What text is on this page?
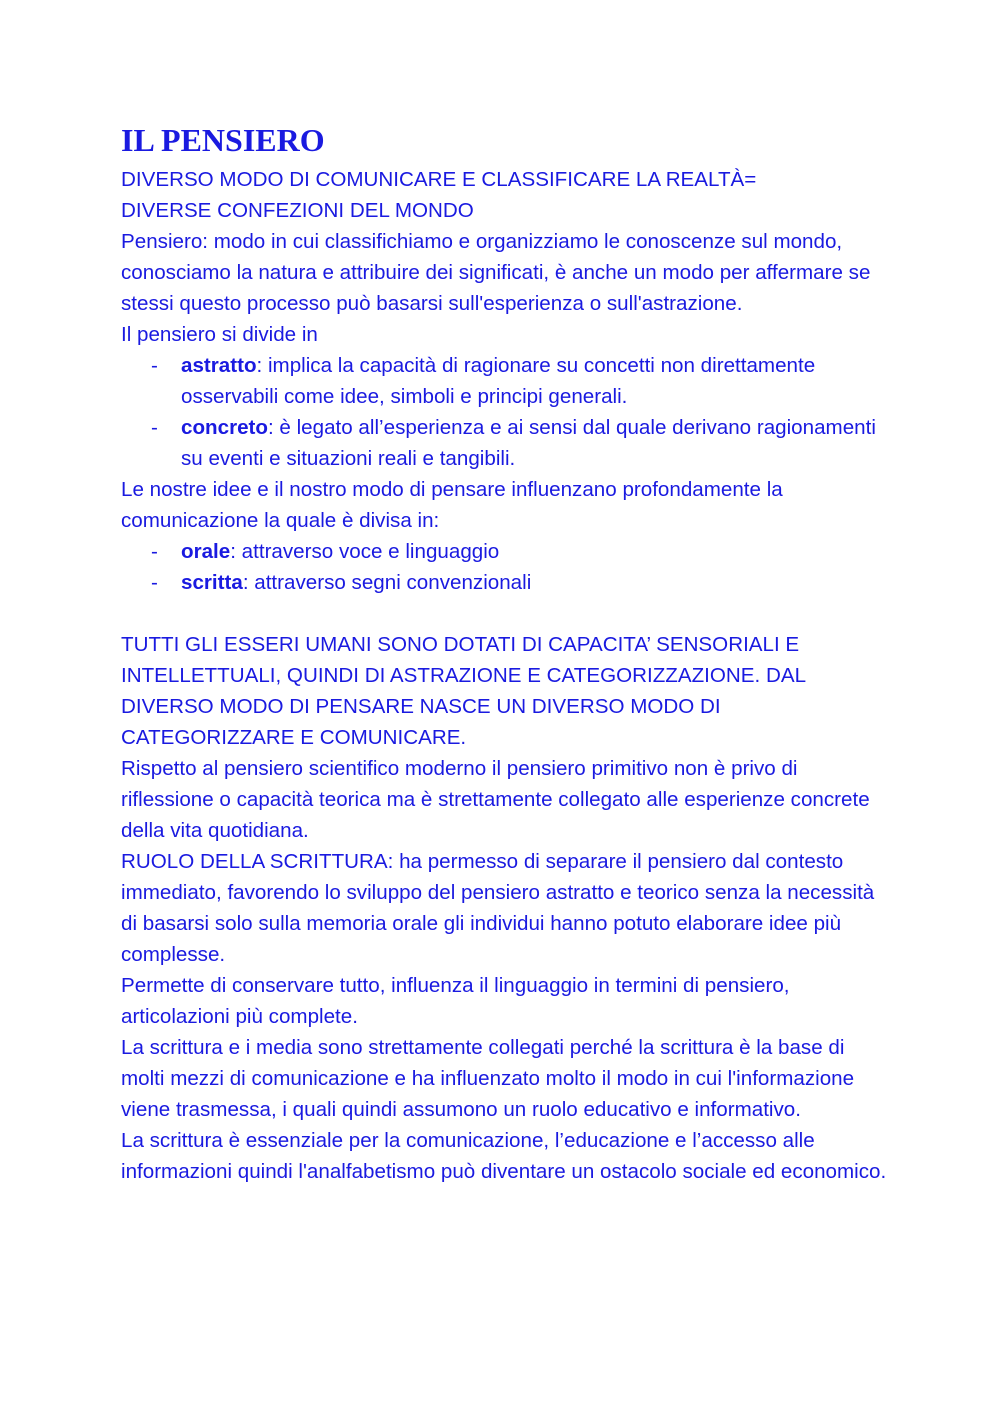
IL PENSIERO

DIVERSO MODO DI COMUNICARE E CLASSIFICARE LA REALTÀ=

DIVERSE CONFEZIONI DEL MONDO

Pensiero: modo in cui classifichiamo e organizziamo le conoscenze sul mondo, conosciamo la natura e attribuire dei significati, è anche un modo per affermare se stessi questo processo può basarsi sull'esperienza o sull'astrazione.

Il pensiero si divide in

- astratto: implica la capacità di ragionare su concetti non direttamente osservabili come idee, simboli e principi generali.
- concreto: è legato all’esperienza e ai sensi dal quale derivano ragionamenti su eventi e situazioni reali e tangibili.

Le nostre idee e il nostro modo di pensare influenzano profondamente la comunicazione la quale è divisa in:

- orale: attraverso voce e linguaggio
- scritta: attraverso segni convenzionali

TUTTI GLI ESSERI UMANI SONO DOTATI DI CAPACITA’ SENSORIALI E INTELLETTUALI, QUINDI DI ASTRAZIONE E CATEGORIZZAZIONE. DAL DIVERSO MODO DI PENSARE NASCE UN DIVERSO MODO DI CATEGORIZZARE E COMUNICARE.

Rispetto al pensiero scientifico moderno il pensiero primitivo non è privo di riflessione o capacità teorica ma è strettamente collegato alle esperienze concrete della vita quotidiana.

RUOLO DELLA SCRITTURA: ha permesso di separare il pensiero dal contesto immediato, favorendo lo sviluppo del pensiero astratto e teorico senza la necessità di basarsi solo sulla memoria orale gli individui hanno potuto elaborare idee più complesse.

Permette di conservare tutto, influenza il linguaggio in termini di pensiero, articolazioni più complete.

La scrittura e i media sono strettamente collegati perché la scrittura è la base di molti mezzi di comunicazione e ha influenzato molto il modo in cui l'informazione viene trasmessa, i quali quindi assumono un ruolo educativo e informativo.

La scrittura è essenziale per la comunicazione, l’educazione e l’accesso alle informazioni quindi l'analfabetismo può diventare un ostacolo sociale ed economico.
